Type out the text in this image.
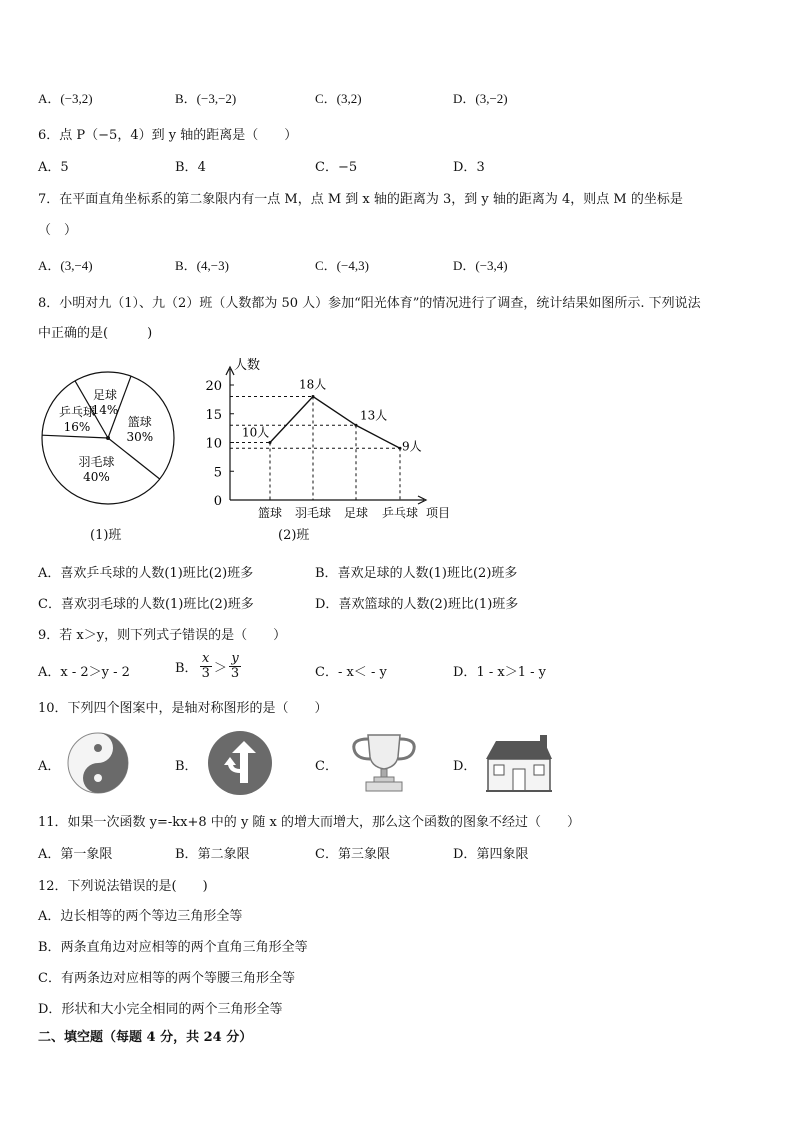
A．(−3,2)	B．(−3,−2)	C．(3,2)	D．(3,−2)
6．点 P（−5，4）到 y 轴的距离是（　　）
A．5	B．4	C．−5	D．3
7．在平面直角坐标系的第二象限内有一点 M，点 M 到 x 轴的距离为 3，到 y 轴的距离为 4，则点 M 的坐标是
（　）
A．(3,−4)	B．(4,−3)	C．(−4,3)	D．(−3,4)
8．小明对九（1）、九（2）班（人数都为 50 人）参加“阳光体育”的情况进行了调查，统计结果如图所示. 下列说法
中正确的是(　　　)
足球
14%
篮球
30%
羽毛球
40%
乒乓球
16%
(1)班
人数
项目
0
5
10
15
20
篮球 羽毛球 足球 乒乓球
10人
18人
13人
9人
(2)班
A．喜欢乒乓球的人数(1)班比(2)班多	B．喜欢足球的人数(1)班比(2)班多
C．喜欢羽毛球的人数(1)班比(2)班多	D．喜欢篮球的人数(2)班比(1)班多
9．若 x＞y，则下列式子错误的是（　　）
A．x - 2＞y - 2	B．
x
3 ＞
y
3	C．- x＜ - y	D．1 - x＞1 - y
10．下列四个图案中，是轴对称图形的是（　　）
A．	B．	C．	D．
11．如果一次函数 y=-kx+8 中的 y 随 x 的增大而增大，那么这个函数的图象不经过（　　）
A．第一象限	B．第二象限	C．第三象限	D．第四象限
12．下列说法错误的是(　　)
A．边长相等的两个等边三角形全等
B．两条直角边对应相等的两个直角三角形全等
C．有两条边对应相等的两个等腰三角形全等
D．形状和大小完全相同的两个三角形全等
二、填空题（每题 4 分，共 24 分）
